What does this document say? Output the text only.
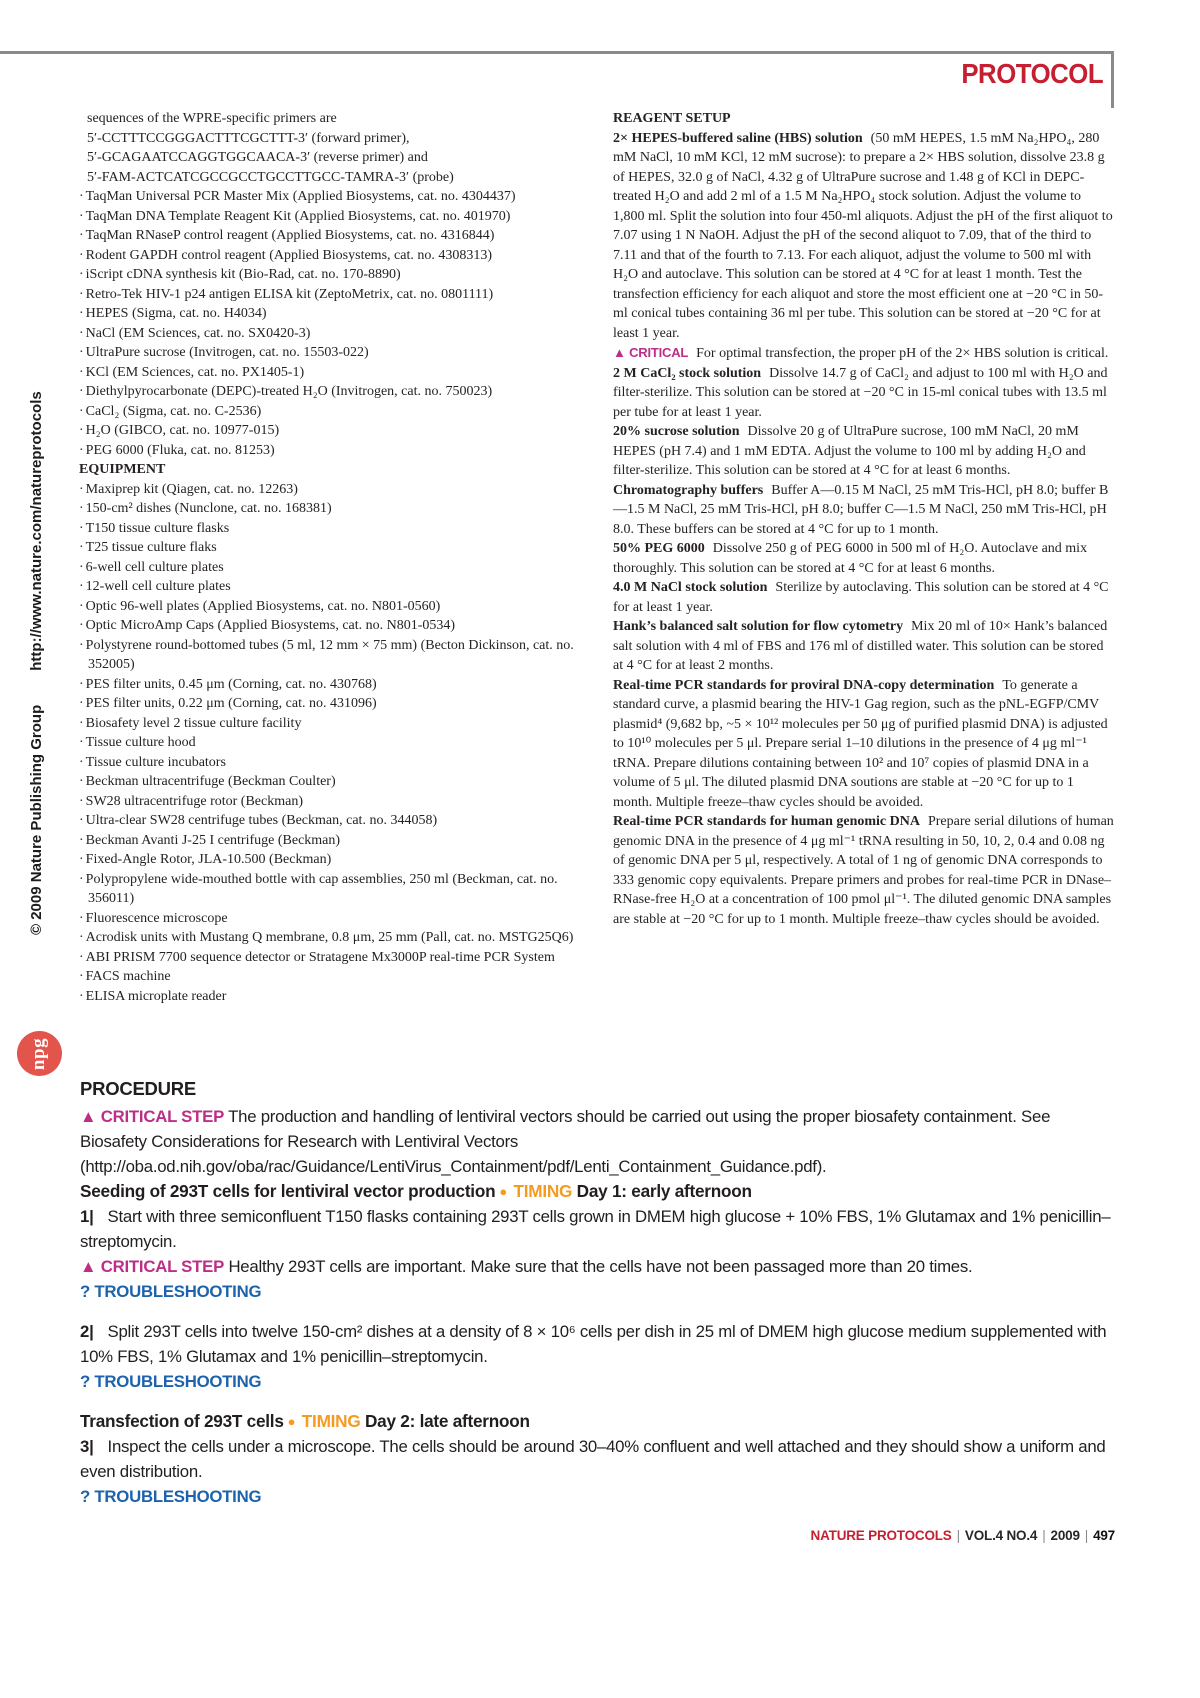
PROTOCOL
© 2009 Nature Publishing Grouphttp://www.nature.com/natureprotocols
npg
sequences of the WPRE-specific primers are
5′-CCTTTCCGGGACTTTCGCTTT-3′ (forward primer),
5′-GCAGAATCCAGGTGGCAACA-3′ (reverse primer) and
5′-FAM-ACTCATCGCCGCCTGCCTTGCC-TAMRA-3′ (probe)
· TaqMan Universal PCR Master Mix (Applied Biosystems, cat. no. 4304437)
· TaqMan DNA Template Reagent Kit (Applied Biosystems, cat. no. 401970)
· TaqMan RNaseP control reagent (Applied Biosystems, cat. no. 4316844)
· Rodent GAPDH control reagent (Applied Biosystems, cat. no. 4308313)
· iScript cDNA synthesis kit (Bio-Rad, cat. no. 170-8890)
· Retro-Tek HIV-1 p24 antigen ELISA kit (ZeptoMetrix, cat. no. 0801111)
· HEPES (Sigma, cat. no. H4034)
· NaCl (EM Sciences, cat. no. SX0420-3)
· UltraPure sucrose (Invitrogen, cat. no. 15503-022)
· KCl (EM Sciences, cat. no. PX1405-1)
· Diethylpyrocarbonate (DEPC)-treated H₂O (Invitrogen, cat. no. 750023)
· CaCl₂ (Sigma, cat. no. C-2536)
· H₂O (GIBCO, cat. no. 10977-015)
· PEG 6000 (Fluka, cat. no. 81253)
EQUIPMENT
· Maxiprep kit (Qiagen, cat. no. 12263)
· 150-cm² dishes (Nunclone, cat. no. 168381)
· T150 tissue culture flasks
· T25 tissue culture flaks
· 6-well cell culture plates
· 12-well cell culture plates
· Optic 96-well plates (Applied Biosystems, cat. no. N801-0560)
· Optic MicroAmp Caps (Applied Biosystems, cat. no. N801-0534)
· Polystyrene round-bottomed tubes (5 ml, 12 mm × 75 mm) (Becton Dickinson, cat. no. 352005)
· PES filter units, 0.45 μm (Corning, cat. no. 430768)
· PES filter units, 0.22 μm (Corning, cat. no. 431096)
· Biosafety level 2 tissue culture facility
· Tissue culture hood
· Tissue culture incubators
· Beckman ultracentrifuge (Beckman Coulter)
· SW28 ultracentrifuge rotor (Beckman)
· Ultra-clear SW28 centrifuge tubes (Beckman, cat. no. 344058)
· Beckman Avanti J-25 I centrifuge (Beckman)
· Fixed-Angle Rotor, JLA-10.500 (Beckman)
· Polypropylene wide-mouthed bottle with cap assemblies, 250 ml (Beckman, cat. no. 356011)
· Fluorescence microscope
· Acrodisk units with Mustang Q membrane, 0.8 μm, 25 mm (Pall, cat. no. MSTG25Q6)
· ABI PRISM 7700 sequence detector or Stratagene Mx3000P real-time PCR System
· FACS machine
· ELISA microplate reader
REAGENT SETUP

2× HEPES-buffered saline (HBS) solution (50 mM HEPES, 1.5 mM Na₂HPO₄, 280 mM NaCl, 10 mM KCl, 12 mM sucrose): to prepare a 2× HBS solution, dissolve 23.8 g of HEPES, 32.0 g of NaCl, 4.32 g of UltraPure sucrose and 1.48 g of KCl in DEPC-treated H₂O and add 2 ml of a 1.5 M Na₂HPO₄ stock solution. Adjust the volume to 1,800 ml. Split the solution into four 450-ml aliquots. Adjust the pH of the first aliquot to 7.07 using 1 N NaOH. Adjust the pH of the second aliquot to 7.09, that of the third to 7.11 and that of the fourth to 7.13. For each aliquot, adjust the volume to 500 ml with H₂O and autoclave. This solution can be stored at 4 °C for at least 1 month. Test the transfection efficiency for each aliquot and store the most efficient one at −20 °C in 50-ml conical tubes containing 36 ml per tube. This solution can be stored at −20 °C for at least 1 year.

▲ CRITICAL For optimal transfection, the proper pH of the 2× HBS solution is critical.

2 M CaCl₂ stock solution Dissolve 14.7 g of CaCl₂ and adjust to 100 ml with H₂O and filter-sterilize. This solution can be stored at −20 °C in 15-ml conical tubes with 13.5 ml per tube for at least 1 year.

20% sucrose solution Dissolve 20 g of UltraPure sucrose, 100 mM NaCl, 20 mM HEPES (pH 7.4) and 1 mM EDTA. Adjust the volume to 100 ml by adding H₂O and filter-sterilize. This solution can be stored at 4 °C for at least 6 months.

Chromatography buffers Buffer A—0.15 M NaCl, 25 mM Tris-HCl, pH 8.0; buffer B—1.5 M NaCl, 25 mM Tris-HCl, pH 8.0; buffer C—1.5 M NaCl, 250 mM Tris-HCl, pH 8.0. These buffers can be stored at 4 °C for up to 1 month.

50% PEG 6000 Dissolve 250 g of PEG 6000 in 500 ml of H₂O. Autoclave and mix thoroughly. This solution can be stored at 4 °C for at least 6 months.

4.0 M NaCl stock solution Sterilize by autoclaving. This solution can be stored at 4 °C for at least 1 year.

Hank’s balanced salt solution for flow cytometry Mix 20 ml of 10× Hank’s balanced salt solution with 4 ml of FBS and 176 ml of distilled water. This solution can be stored at 4 °C for at least 2 months.

Real-time PCR standards for proviral DNA-copy determination To generate a standard curve, a plasmid bearing the HIV-1 Gag region, such as the pNL-EGFP/CMV plasmid⁴ (9,682 bp, ~5 × 10¹² molecules per 50 μg of purified plasmid DNA) is adjusted to 10¹⁰ molecules per 5 μl. Prepare serial 1–10 dilutions in the presence of 4 μg ml⁻¹ tRNA. Prepare dilutions containing between 10² and 10⁷ copies of plasmid DNA in a volume of 5 μl. The diluted plasmid DNA soutions are stable at −20 °C for up to 1 month. Multiple freeze–thaw cycles should be avoided.

Real-time PCR standards for human genomic DNA Prepare serial dilutions of human genomic DNA in the presence of 4 μg ml⁻¹ tRNA resulting in 50, 10, 2, 0.4 and 0.08 ng of genomic DNA per 5 μl, respectively. A total of 1 ng of genomic DNA corresponds to 333 genomic copy equivalents. Prepare primers and probes for real-time PCR in DNase–RNase-free H₂O at a concentration of 100 pmol μl⁻¹. The diluted genomic DNA samples are stable at −20 °C for up to 1 month. Multiple freeze–thaw cycles should be avoided.

PROCEDURE

▲ CRITICAL STEP The production and handling of lentiviral vectors should be carried out using the proper biosafety containment. See Biosafety Considerations for Research with Lentiviral Vectors (http://oba.od.nih.gov/oba/rac/Guidance/LentiVirus_Containment/pdf/Lenti_Containment_Guidance.pdf).

Seeding of 293T cells for lentiviral vector production ● TIMING Day 1: early afternoon

1| Start with three semiconfluent T150 flasks containing 293T cells grown in DMEM high glucose + 10% FBS, 1% Glutamax and 1% penicillin–streptomycin.

▲ CRITICAL STEP Healthy 293T cells are important. Make sure that the cells have not been passaged more than 20 times.

? TROUBLESHOOTING

2| Split 293T cells into twelve 150-cm² dishes at a density of 8 × 10⁶ cells per dish in 25 ml of DMEM high glucose medium supplemented with 10% FBS, 1% Glutamax and 1% penicillin–streptomycin.

? TROUBLESHOOTING

Transfection of 293T cells ● TIMING Day 2: late afternoon

3| Inspect the cells under a microscope. The cells should be around 30–40% confluent and well attached and they should show a uniform and even distribution.

? TROUBLESHOOTING

NATURE PROTOCOLS | VOL.4 NO.4 | 2009 | 497
